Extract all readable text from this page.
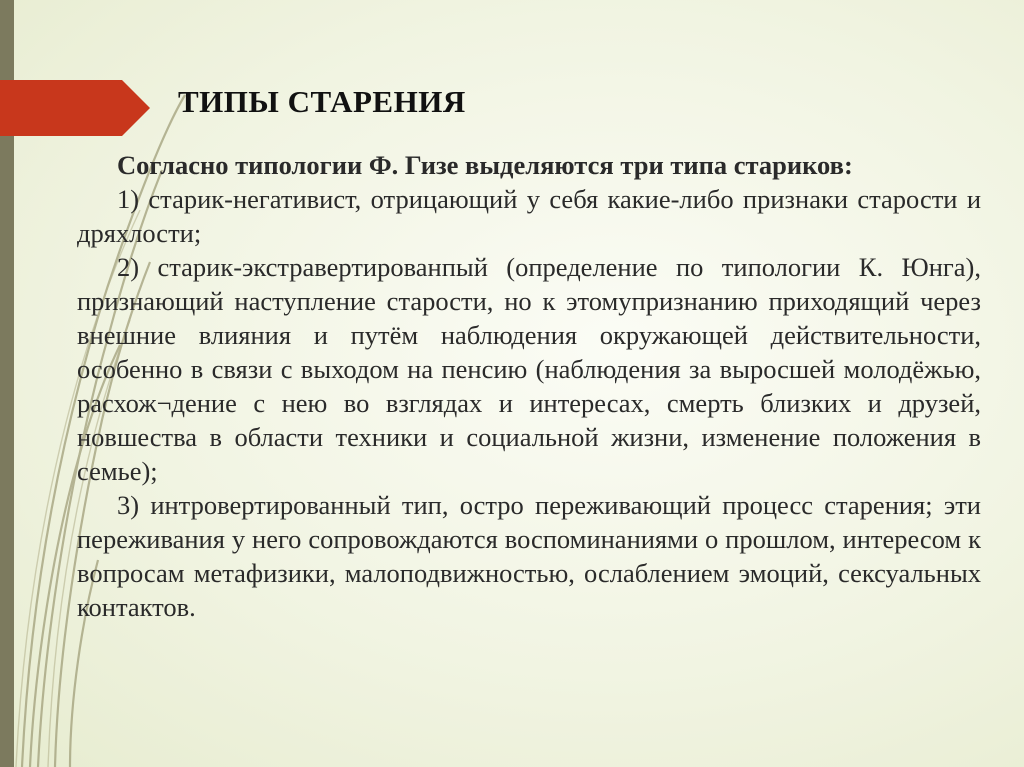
ТИПЫ СТАРЕНИЯ

Согласно типологии Ф. Гизе выделяются три типа стариков:

1) старик-негативист, отрицающий у себя какие-либо признаки старости и дряхлости;

2) старик-экстравертированпый (определение по типологии К. Юнга), признающий наступление старости, но к этомупризнанию приходящий через внешние влияния и путём наблюдения окружающей действительности, особенно в связи с выходом на пенсию (наблюдения за выросшей молодёжью, расхож¬дение с нею во взглядах и интересах, смерть близких и друзей, новшества в области техники и социальной жизни, изменение положения в семье);

3) интровертированный тип, остро переживающий процесс старения; эти переживания у него сопровождаются воспоминаниями о прошлом, интересом к вопросам метафизики, малоподвижностью, ослаблением эмоций, сексуальных контактов.
